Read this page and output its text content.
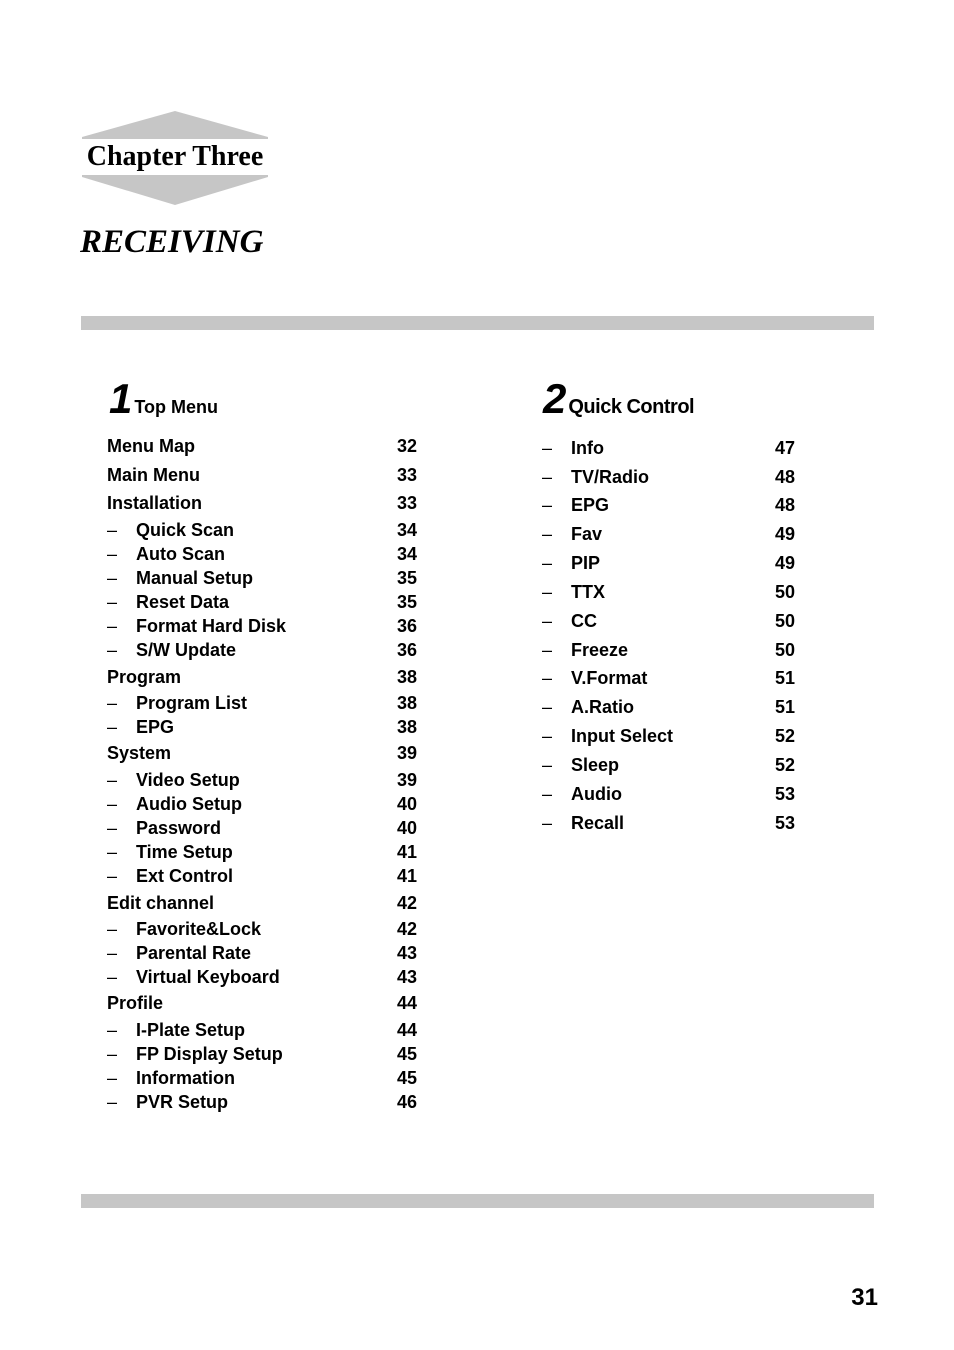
Chapter Three
RECEIVING
1 Top Menu	2 Quick Control
Menu Map	32
Main Menu	33
Installation	33
– Quick Scan	34
– Auto Scan	34
– Manual Setup	35
– Reset Data	35
– Format Hard Disk	36
– S/W Update	36
Program	38
– Program List	38
– EPG	38
System	39
– Video Setup	39
– Audio Setup	40
– Password	40
– Time Setup	41
– Ext Control	41
Edit channel	42
– Favorite&Lock	42
– Parental Rate	43
– Virtual Keyboard	43
Profile	44
– I-Plate Setup	44
– FP Display Setup	45
– Information	45
– PVR Setup	46
– Info	47
– TV/Radio	48
– EPG	48
– Fav	49
– PIP	49
– TTX	50
– CC	50
– Freeze	50
– V.Format	51
– A.Ratio	51
– Input Select	52
– Sleep	52
– Audio	53
– Recall	53
31
